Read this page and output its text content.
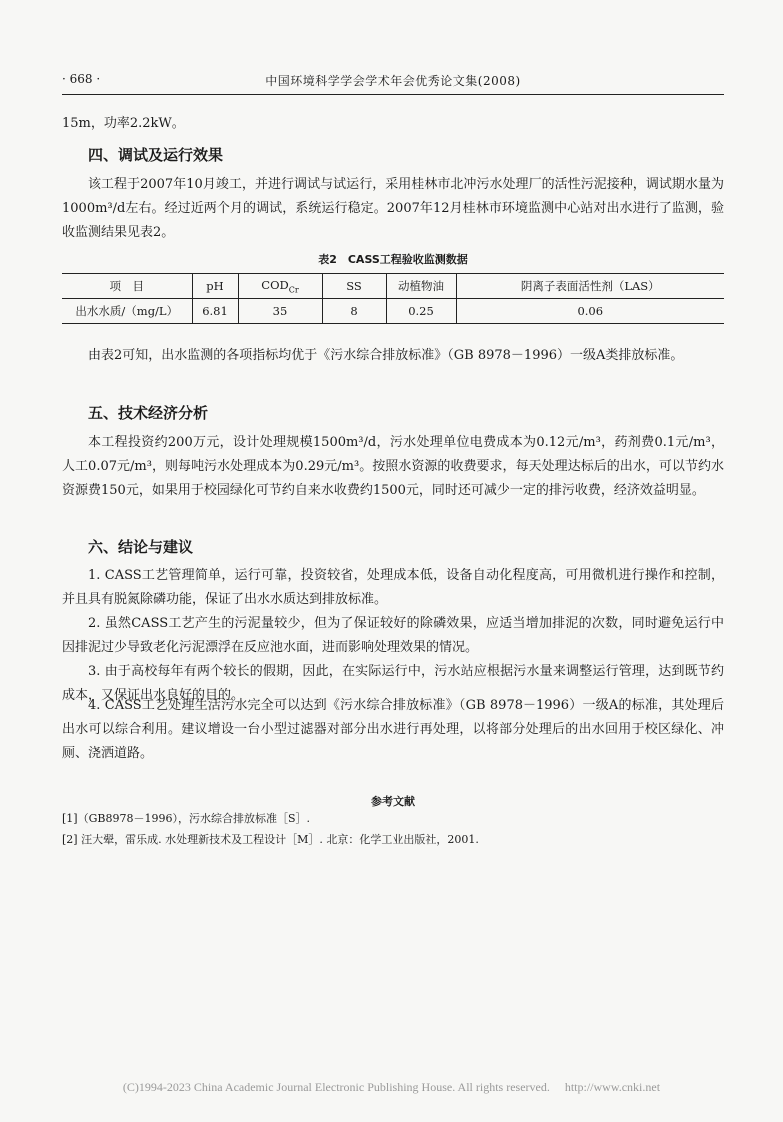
· 668 ·	中国环境科学学会学术年会优秀论文集(2008)
15m，功率2.2kW。
四、调试及运行效果
该工程于2007年10月竣工，并进行调试与试运行，采用桂林市北冲污水处理厂的活性污泥接种，调试期水量为1000m³/d左右。经过近两个月的调试，系统运行稳定。2007年12月桂林市环境监测中心站对出水进行了监测，验收监测结果见表2。
表2　CASS工程验收监测数据
项　目	pH	$COD_{Cr}$	SS	动植物油	阴离子表面活性剂（LAS）
出水水质/（mg/L）	6.81	35	8	0.25	0.06
由表2可知，出水监测的各项指标均优于《污水综合排放标准》（GB 8978－1996）一级A类排放标准。
五、技术经济分析
本工程投资约200万元，设计处理规模1500m³/d，污水处理单位电费成本为0.12元/m³，药剂费0.1元/m³，人工0.07元/m³，则每吨污水处理成本为0.29元/m³。按照水资源的收费要求，每天处理达标后的出水，可以节约水资源费150元，如果用于校园绿化可节约自来水收费约1500元，同时还可减少一定的排污收费，经济效益明显。
六、结论与建议
1. CASS工艺管理简单，运行可靠，投资较省，处理成本低，设备自动化程度高，可用微机进行操作和控制，并且具有脱氮除磷功能，保证了出水水质达到排放标准。
2. 虽然CASS工艺产生的污泥量较少，但为了保证较好的除磷效果，应适当增加排泥的次数，同时避免运行中因排泥过少导致老化污泥漂浮在反应池水面，进而影响处理效果的情况。
3. 由于高校每年有两个较长的假期，因此，在实际运行中，污水站应根据污水量来调整运行管理，达到既节约成本，又保证出水良好的目的。
4. CASS工艺处理生活污水完全可以达到《污水综合排放标准》（GB 8978－1996）一级A的标准，其处理后出水可以综合利用。建议增设一台小型过滤器对部分出水进行再处理，以将部分处理后的出水回用于校区绿化、冲厕、浇洒道路。
参考文献
[1]（GB8978－1996），污水综合排放标准［S］.
[2] 汪大翚，雷乐成. 水处理新技术及工程设计［M］. 北京：化学工业出版社，2001.
(C)1994-2023 China Academic Journal Electronic Publishing House. All rights reserved. http://www.cnki.net
